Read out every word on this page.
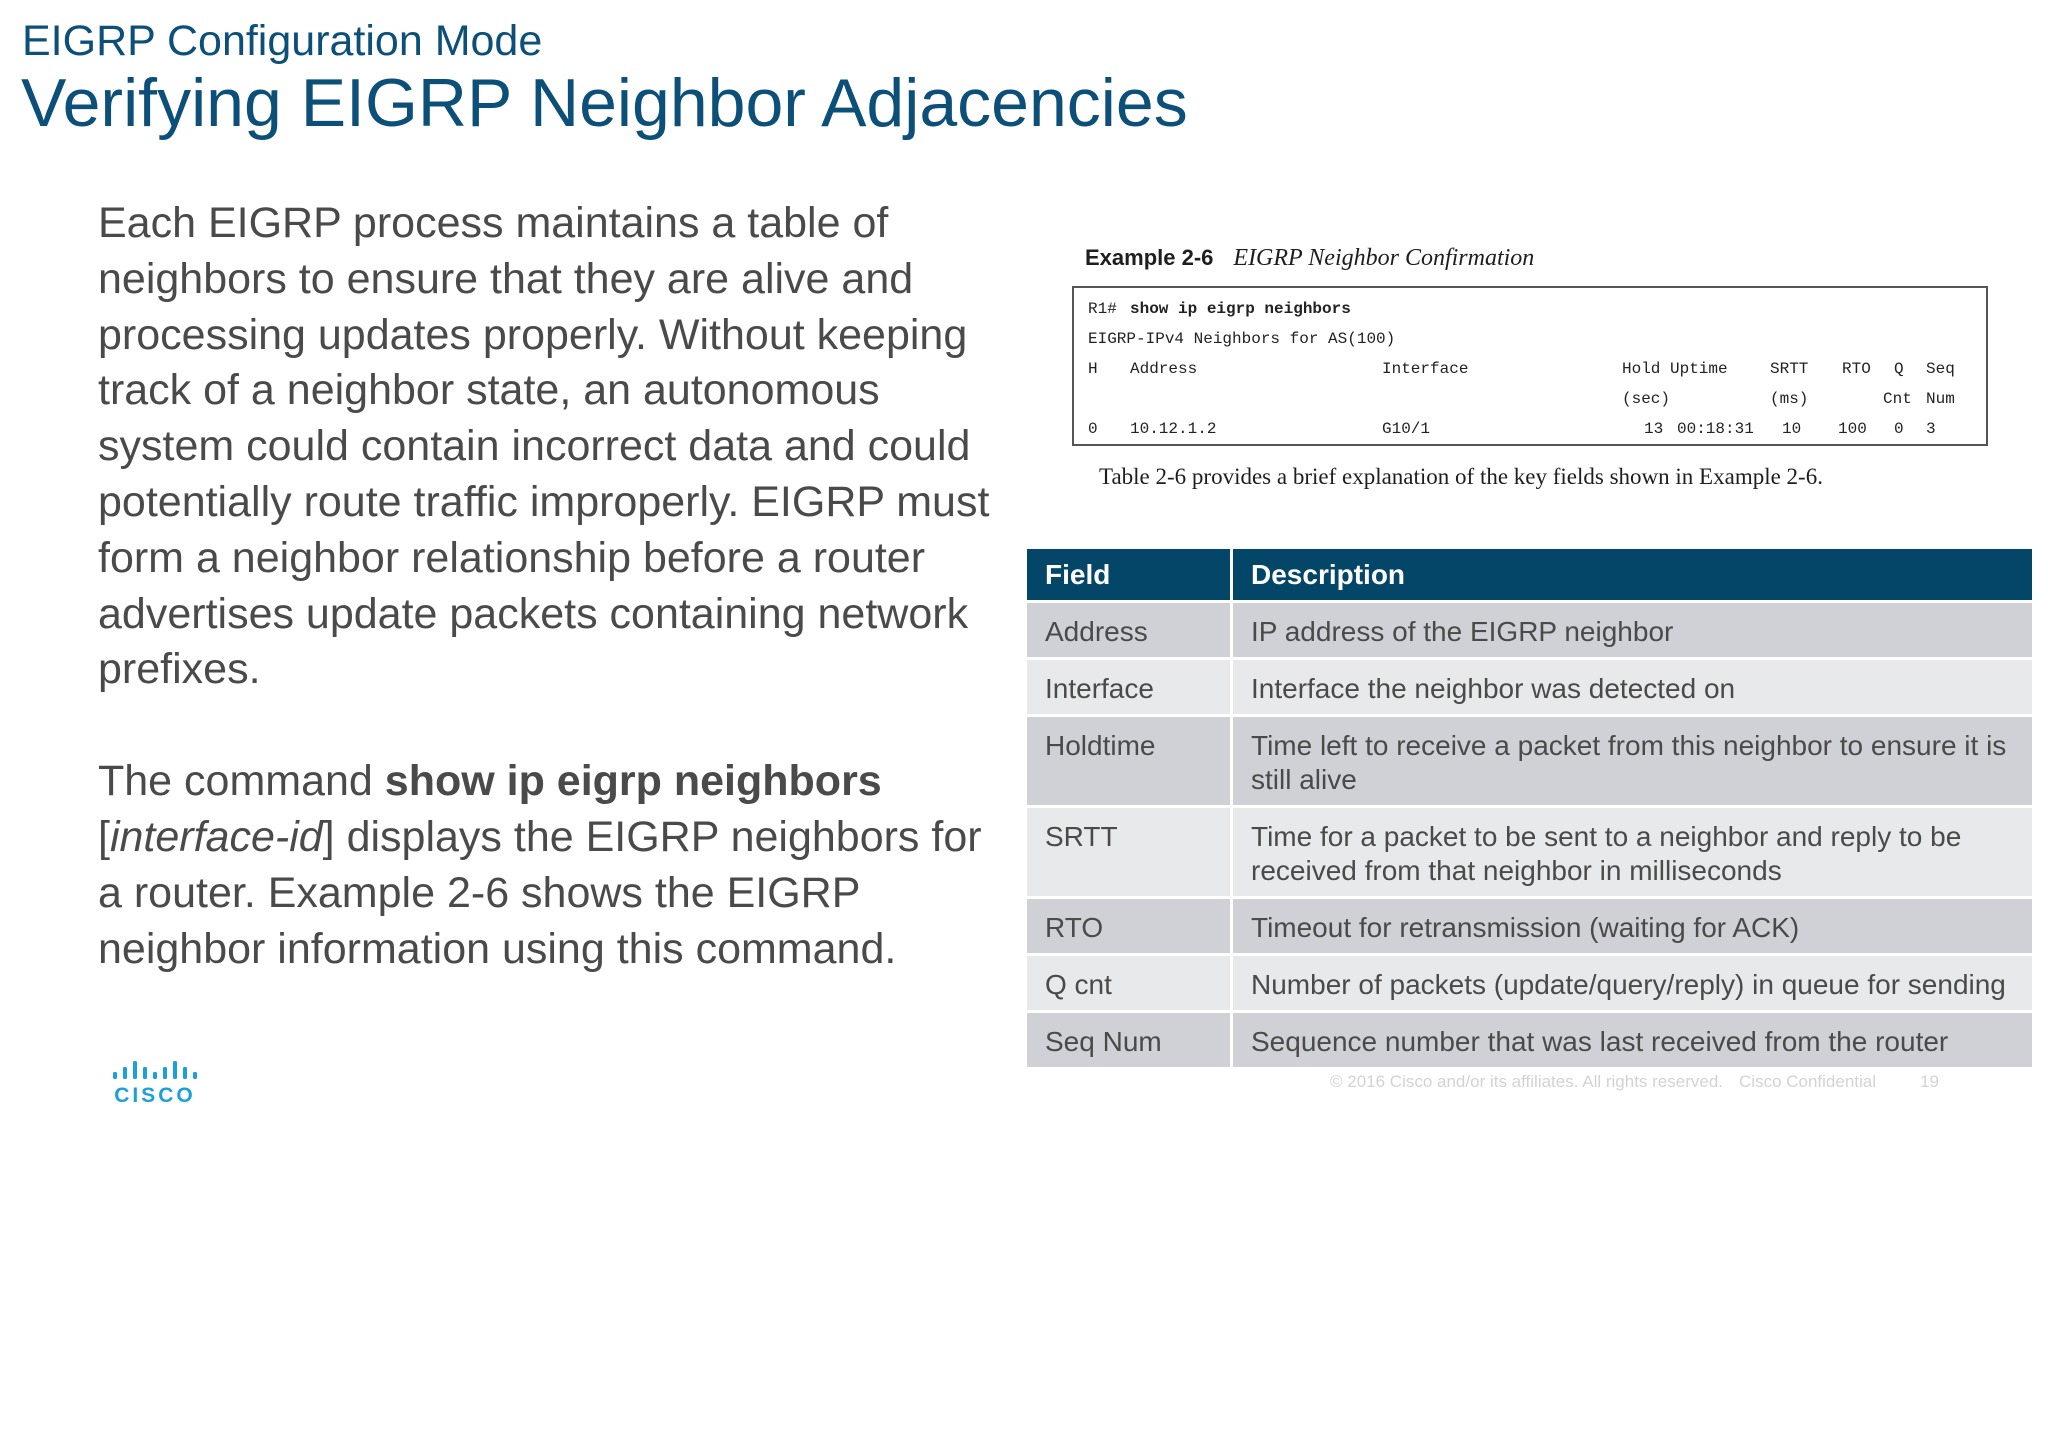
EIGRP Configuration Mode
Verifying EIGRP Neighbor Adjacencies

Each EIGRP process maintains a table of neighbors to ensure that they are alive and processing updates properly. Without keeping track of a neighbor state, an autonomous system could contain incorrect data and could potentially route traffic improperly. EIGRP must form a neighbor relationship before a router advertises update packets containing network prefixes.

The command show ip eigrp neighbors
[interface-id] displays the EIGRP neighbors for a router. Example 2-6 shows the EIGRP neighbor information using this command.

CISCO
Example 2-6 EIGRP Neighbor Confirmation
R1# show ip eigrp neighbors
EIGRP-IPv4 Neighbors for AS(100)
H Address	Interface	Hold Uptime	SRTT RTO Q Seq
(sec)	(ms)	Cnt Num
0 10.12.1.2	G10/1	13 00:18:31 10 100 0 3
Table 2-6 provides a brief explanation of the key fields shown in Example 2-6.
Field	Description
Address	IP address of the EIGRP neighbor
Interface	Interface the neighbor was detected on
Holdtime	Time left to receive a packet from this neighbor to ensure it is still alive
SRTT	Time for a packet to be sent to a neighbor and reply to be received from that neighbor in milliseconds
RTO	Timeout for retransmission (waiting for ACK)
Q cnt	Number of packets (update/query/reply) in queue for sending
Seq Num	Sequence number that was last received from the router
© 2016 Cisco and/or its affiliates. All rights reserved. Cisco Confidential	19
